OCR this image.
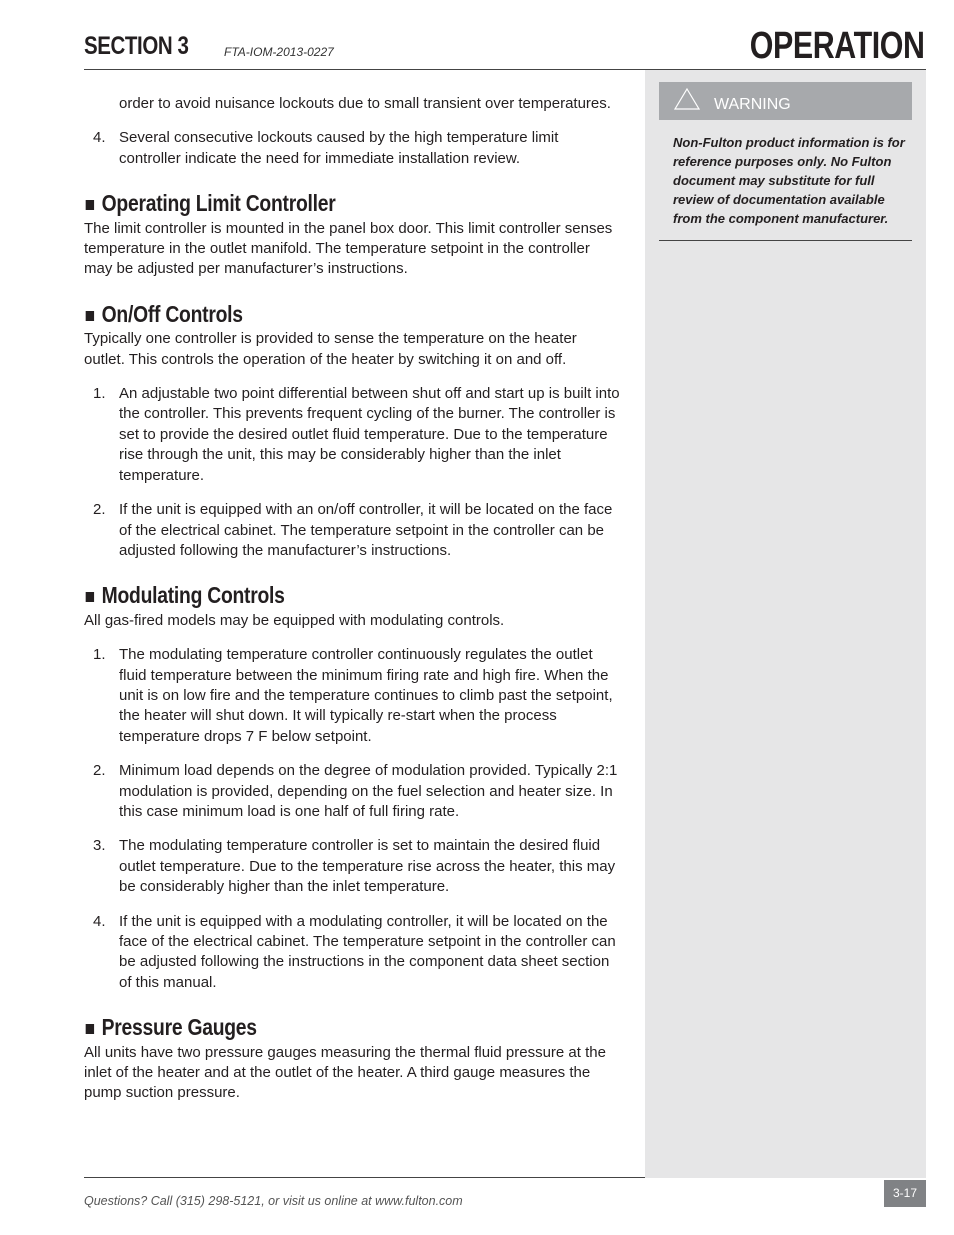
SECTION 3	FTA-IOM-2013-0227	OPERATION
WARNING
Non-Fulton product information is for reference purposes only. No Fulton document may substitute for full review of documentation available from the component manufacturer.

order to avoid nuisance lockouts due to small transient over temperatures.

4. Several consecutive lockouts caused by the high temperature limit controller indicate the need for immediate installation review.
Operating Limit Controller

The limit controller is mounted in the panel box door. This limit controller senses temperature in the outlet manifold. The temperature setpoint in the controller may be adjusted per manufacturer’s instructions.

On/Off Controls

Typically one controller is provided to sense the temperature on the heater outlet. This controls the operation of the heater by switching it on and off.

1. An adjustable two point differential between shut off and start up is built into the controller. This prevents frequent cycling of the burner. The controller is set to provide the desired outlet fluid temperature. Due to the temperature rise through the unit, this may be considerably higher than the inlet temperature.
2. If the unit is equipped with an on/off controller, it will be located on the face of the electrical cabinet. The temperature setpoint in the controller can be adjusted following the manufacturer’s instructions.
Modulating Controls

All gas-fired models may be equipped with modulating controls.

1. The modulating temperature controller continuously regulates the outlet fluid temperature between the minimum firing rate and high fire. When the unit is on low fire and the temperature continues to climb past the setpoint, the heater will shut down. It will typically re-start when the process temperature drops 7 F below setpoint.
2. Minimum load depends on the degree of modulation provided. Typically 2:1 modulation is provided, depending on the fuel selection and heater size. In this case minimum load is one half of full firing rate.
3. The modulating temperature controller is set to maintain the desired fluid outlet temperature. Due to the temperature rise across the heater, this may be considerably higher than the inlet temperature.
4. If the unit is equipped with a modulating controller, it will be located on the face of the electrical cabinet. The temperature setpoint in the controller can be adjusted following the instructions in the component data sheet section of this manual.
Pressure Gauges

All units have two pressure gauges measuring the thermal fluid pressure at the inlet of the heater and at the outlet of the heater. A third gauge measures the pump suction pressure.

Questions? Call (315) 298-5121, or visit us online at www.fulton.com
3-17
